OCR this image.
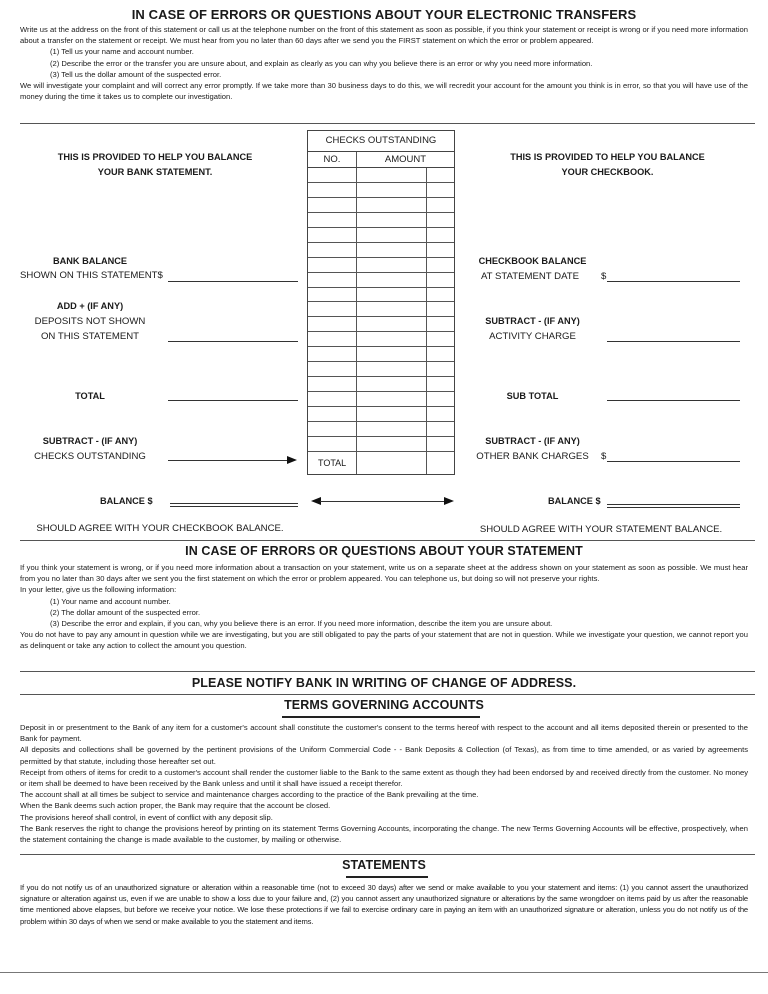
IN CASE OF ERRORS OR QUESTIONS ABOUT YOUR ELECTRONIC TRANSFERS

Write us at the address on the front of this statement or call us at the telephone number on the front of this statement as soon as possible, if you think your statement or receipt is wrong or if you need more information about a transfer on the statement or receipt. We must hear from you no later than 60 days after we send you the FIRST statement on which the error or problem appeared.

(1) Tell us your name and account number.

(2) Describe the error or the transfer you are unsure about, and explain as clearly as you can why you believe there is an error or why you need more information.

(3) Tell us the dollar amount of the suspected error.

We will investigate your complaint and will correct any error promptly. If we take more than 30 business days to do this, we will recredit your account for the amount you think is in error, so that you will have use of the money during the time it takes us to complete our investigation.

THIS IS PROVIDED TO HELP YOU BALANCE
YOUR BANK STATEMENT.
BANK BALANCE
SHOWN ON THIS STATEMENT$
ADD + (IF ANY)
DEPOSITS NOT SHOWN
ON THIS STATEMENT
TOTAL
SUBTRACT - (IF ANY)
CHECKS OUTSTANDING
BALANCE $
SHOULD AGREE WITH YOUR CHECKBOOK BALANCE.
CHECKS OUTSTANDING
NO.	AMOUNT
TOTAL
THIS IS PROVIDED TO HELP YOU BALANCE
YOUR CHECKBOOK.
CHECKBOOK BALANCE
AT STATEMENT DATE	$
SUBTRACT - (IF ANY)
ACTIVITY CHARGE
SUB TOTAL
SUBTRACT - (IF ANY)
OTHER BANK CHARGES	$
BALANCE $
SHOULD AGREE WITH YOUR STATEMENT BALANCE.
IN CASE OF ERRORS OR QUESTIONS ABOUT YOUR STATEMENT

If you think your statement is wrong, or if you need more information about a transaction on your statement, write us on a separate sheet at the address shown on your statement as soon as possible. We must hear from you no later than 30 days after we sent you the first statement on which the error or problem appeared. You can telephone us, but doing so will not preserve your rights.

In your letter, give us the following information:

(1) Your name and account number.

(2) The dollar amount of the suspected error.

(3) Describe the error and explain, if you can, why you believe there is an error. If you need more information, describe the item you are unsure about.

You do not have to pay any amount in question while we are investigating, but you are still obligated to pay the parts of your statement that are not in question. While we investigate your question, we cannot report you as delinquent or take any action to collect the amount you question.

PLEASE NOTIFY BANK IN WRITING OF CHANGE OF ADDRESS.
TERMS GOVERNING ACCOUNTS

Deposit in or presentment to the Bank of any item for a customer's account shall constitute the customer's consent to the terms hereof with respect to the account and all items deposited therein or presented to the Bank for payment.

All deposits and collections shall be governed by the pertinent provisions of the Uniform Commercial Code - - Bank Deposits & Collection (of Texas), as from time to time amended, or as varied by agreements permitted by that statute, including those hereafter set out.

Receipt from others of items for credit to a customer's account shall render the customer liable to the Bank to the same extent as though they had been endorsed by and received directly from the customer. No money or item shall be deemed to have been received by the Bank unless and until it shall have issued a receipt therefor.

The account shall at all times be subject to service and maintenance charges according to the practice of the Bank prevailing at the time.

When the Bank deems such action proper, the Bank may require that the account be closed.

The provisions hereof shall control, in event of conflict with any deposit slip.

The Bank reserves the right to change the provisions hereof by printing on its statement Terms Governing Accounts, incorporating the change. The new Terms Governing Accounts will be effective, prospectively, when the statement containing the change is made available to the customer, by mailing or otherwise.

STATEMENTS
If you do not notify us of an unauthorized signature or alteration within a reasonable time (not to exceed 30 days) after we send or make available to you your statement and items: (1) you cannot assert the unauthorized signature or alteration against us, even if we are unable to show a loss due to your failure and, (2) you cannot assert any unauthorized signature or alterations by the same wrongdoer on items paid by us after the reasonable time mentioned above elapses, but before we receive your notice. We lose these protections if we fail to exercise ordinary care in paying an item with an unauthorized signature or alteration, unless you do not notify us of the problem within 30 days of when we send or make available to you the statement and items.
